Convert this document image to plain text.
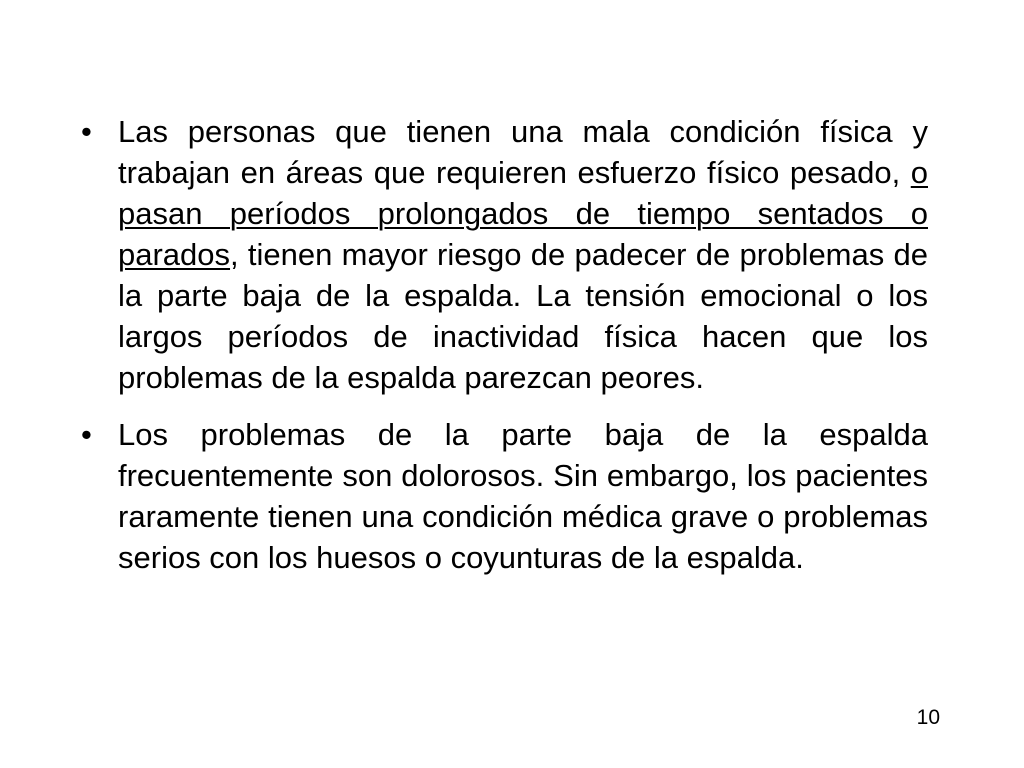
• Las personas que tienen una mala condición física y trabajan en áreas que requieren esfuerzo físico pesado, o pasan períodos prolongados de tiempo sentados o parados, tienen mayor riesgo de padecer de problemas de la parte baja de la espalda. La tensión emocional o los largos períodos de inactividad física hacen que los problemas de la espalda parezcan peores.
• Los problemas de la parte baja de la espalda frecuentemente son dolorosos. Sin embargo, los pacientes raramente tienen una condición médica grave o problemas serios con los huesos o coyunturas de la espalda.
10
